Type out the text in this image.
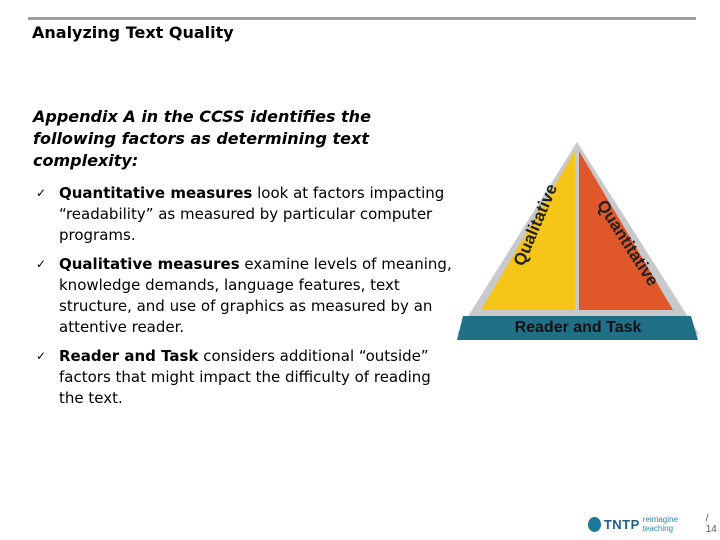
Analyzing Text Quality
Appendix A in the CCSS identifies the following factors as determining text complexity:
✓ Quantitative measures look at factors impacting “readability” as measured by particular computer programs.
✓ Qualitative measures examine levels of meaning, knowledge demands, language features, text structure, and use of graphics as measured by an attentive reader.
✓ Reader and Task considers additional “outside” factors that might impact the difficulty of reading the text.
Qualitative
Quantitative
Reader and Task
TNTP reimagine teaching
/ 14
